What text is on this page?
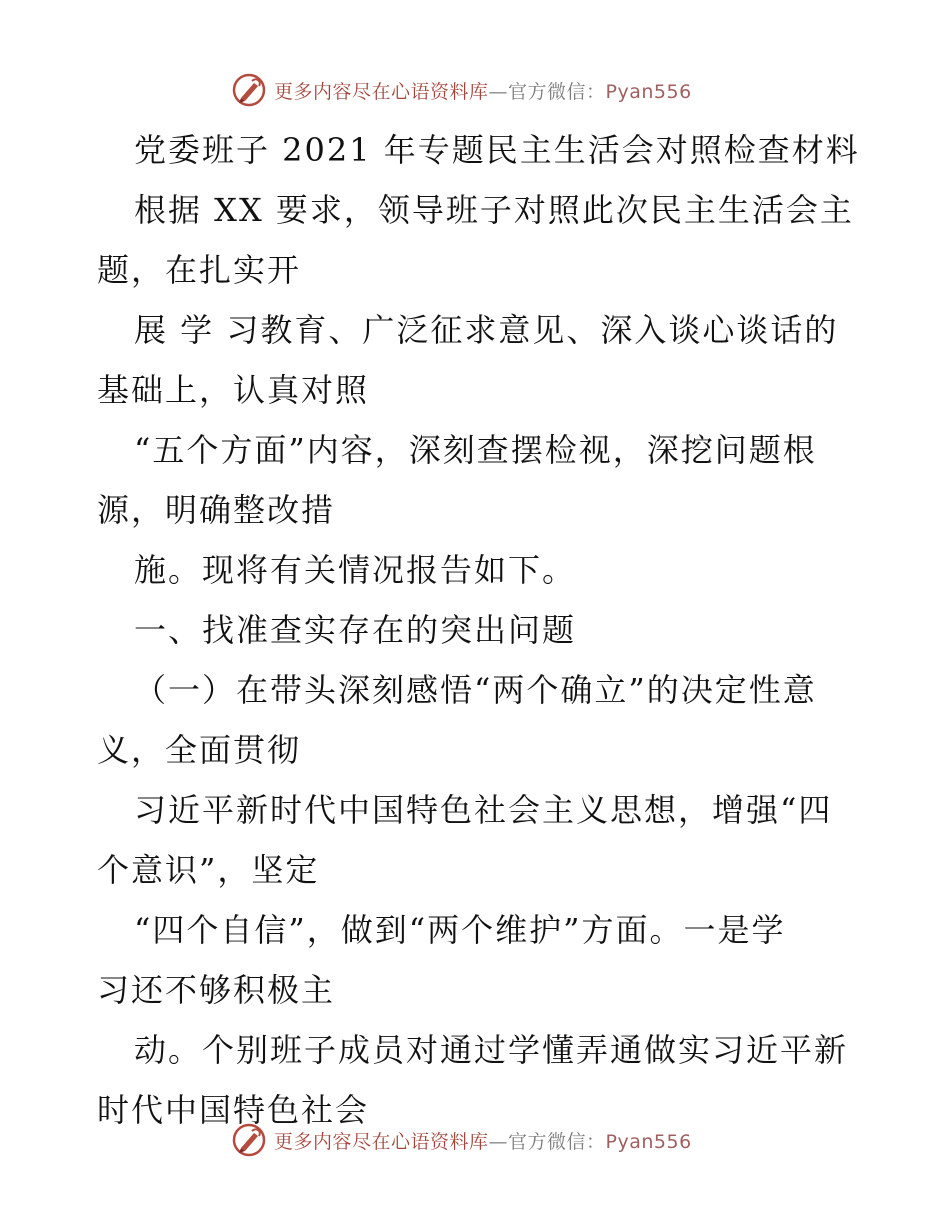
更多内容尽在心语资料库—官方微信：Pyan556
党委班子 2021 年专题民主生活会对照检查材料
根据 XX 要求，领导班子对照此次民主生活会主
题，在扎实开
展 学 习教育、广泛征求意见、深入谈心谈话的
基础上，认真对照
“五个方面”内容，深刻查摆检视，深挖问题根
源，明确整改措
施。现将有关情况报告如下。
一、找准查实存在的突出问题
（一）在带头深刻感悟“两个确立”的决定性意
义，全面贯彻
习近平新时代中国特色社会主义思想，增强“四
个意识”，坚定
“四个自信”，做到“两个维护”方面。一是学
习还不够积极主
动。个别班子成员对通过学懂弄通做实习近平新
时代中国特色社会
更多内容尽在心语资料库—官方微信：Pyan556
